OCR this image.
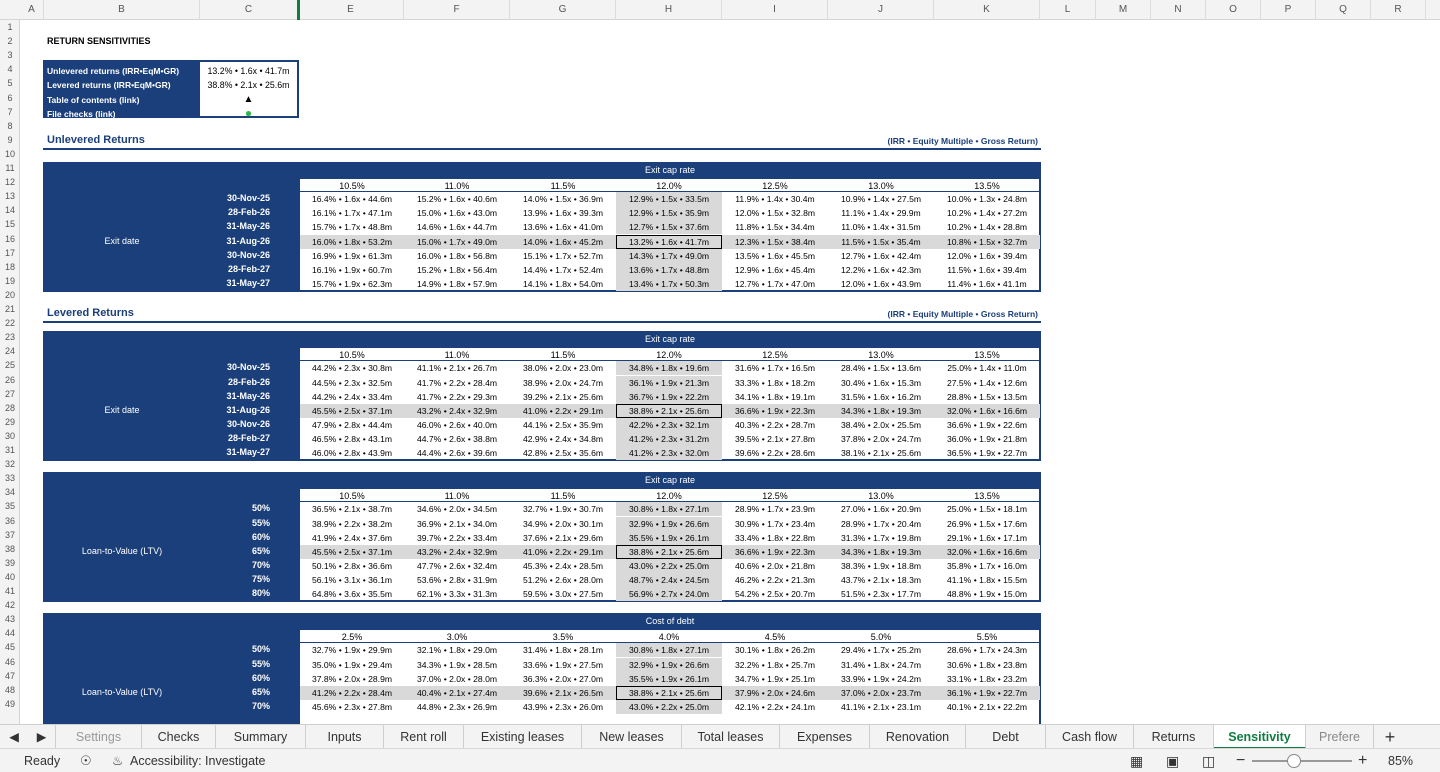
A	B	C	E	F	G	H	I	J	K	L	M	N	O	P	Q	R
1
2
3
4
5
6
7
8
9
10
11
12
13
14
15
16
17
18
19
20
21
22
23
24
25
26
27
28
29
30
31
32
33
34
35
36
37
38
39
40
41
42
43
44
45
46
47
48
49
RETURN SENSITIVITIES
Unlevered returns (IRR•EqM•GR)	13.2% • 1.6x • 41.7m
Levered returns (IRR•EqM•GR)	38.8% • 2.1x • 25.6m
Table of contents (link)	▲
File checks (link)	●
Unlevered Returns	(IRR • Equity Multiple • Gross Return)
Levered Returns	(IRR • Equity Multiple • Gross Return)
Exit cap rate
10.5%	11.0%	11.5%	12.0%	12.5%	13.0%	13.5%
Exit date
30-Nov-25	16.4% • 1.6x • 44.6m	15.2% • 1.6x • 40.6m	14.0% • 1.5x • 36.9m	12.9% • 1.5x • 33.5m	11.9% • 1.4x • 30.4m	10.9% • 1.4x • 27.5m	10.0% • 1.3x • 24.8m
28-Feb-26	16.1% • 1.7x • 47.1m	15.0% • 1.6x • 43.0m	13.9% • 1.6x • 39.3m	12.9% • 1.5x • 35.9m	12.0% • 1.5x • 32.8m	11.1% • 1.4x • 29.9m	10.2% • 1.4x • 27.2m
31-May-26	15.7% • 1.7x • 48.8m	14.6% • 1.6x • 44.7m	13.6% • 1.6x • 41.0m	12.7% • 1.5x • 37.6m	11.8% • 1.5x • 34.4m	11.0% • 1.4x • 31.5m	10.2% • 1.4x • 28.8m
31-Aug-26	16.0% • 1.8x • 53.2m	15.0% • 1.7x • 49.0m	14.0% • 1.6x • 45.2m	13.2% • 1.6x • 41.7m	12.3% • 1.5x • 38.4m	11.5% • 1.5x • 35.4m	10.8% • 1.5x • 32.7m
30-Nov-26	16.9% • 1.9x • 61.3m	16.0% • 1.8x • 56.8m	15.1% • 1.7x • 52.7m	14.3% • 1.7x • 49.0m	13.5% • 1.6x • 45.5m	12.7% • 1.6x • 42.4m	12.0% • 1.6x • 39.4m
28-Feb-27	16.1% • 1.9x • 60.7m	15.2% • 1.8x • 56.4m	14.4% • 1.7x • 52.4m	13.6% • 1.7x • 48.8m	12.9% • 1.6x • 45.4m	12.2% • 1.6x • 42.3m	11.5% • 1.6x • 39.4m
31-May-27	15.7% • 1.9x • 62.3m	14.9% • 1.8x • 57.9m	14.1% • 1.8x • 54.0m	13.4% • 1.7x • 50.3m	12.7% • 1.7x • 47.0m	12.0% • 1.6x • 43.9m	11.4% • 1.6x • 41.1m
Exit cap rate
10.5%	11.0%	11.5%	12.0%	12.5%	13.0%	13.5%
Exit date
30-Nov-25	44.2% • 2.3x • 30.8m	41.1% • 2.1x • 26.7m	38.0% • 2.0x • 23.0m	34.8% • 1.8x • 19.6m	31.6% • 1.7x • 16.5m	28.4% • 1.5x • 13.6m	25.0% • 1.4x • 11.0m
28-Feb-26	44.5% • 2.3x • 32.5m	41.7% • 2.2x • 28.4m	38.9% • 2.0x • 24.7m	36.1% • 1.9x • 21.3m	33.3% • 1.8x • 18.2m	30.4% • 1.6x • 15.3m	27.5% • 1.4x • 12.6m
31-May-26	44.2% • 2.4x • 33.4m	41.7% • 2.2x • 29.3m	39.2% • 2.1x • 25.6m	36.7% • 1.9x • 22.2m	34.1% • 1.8x • 19.1m	31.5% • 1.6x • 16.2m	28.8% • 1.5x • 13.5m
31-Aug-26	45.5% • 2.5x • 37.1m	43.2% • 2.4x • 32.9m	41.0% • 2.2x • 29.1m	38.8% • 2.1x • 25.6m	36.6% • 1.9x • 22.3m	34.3% • 1.8x • 19.3m	32.0% • 1.6x • 16.6m
30-Nov-26	47.9% • 2.8x • 44.4m	46.0% • 2.6x • 40.0m	44.1% • 2.5x • 35.9m	42.2% • 2.3x • 32.1m	40.3% • 2.2x • 28.7m	38.4% • 2.0x • 25.5m	36.6% • 1.9x • 22.6m
28-Feb-27	46.5% • 2.8x • 43.1m	44.7% • 2.6x • 38.8m	42.9% • 2.4x • 34.8m	41.2% • 2.3x • 31.2m	39.5% • 2.1x • 27.8m	37.8% • 2.0x • 24.7m	36.0% • 1.9x • 21.8m
31-May-27	46.0% • 2.8x • 43.9m	44.4% • 2.6x • 39.6m	42.8% • 2.5x • 35.6m	41.2% • 2.3x • 32.0m	39.6% • 2.2x • 28.6m	38.1% • 2.1x • 25.6m	36.5% • 1.9x • 22.7m
Exit cap rate
10.5%	11.0%	11.5%	12.0%	12.5%	13.0%	13.5%
Loan-to-Value (LTV)
50%	36.5% • 2.1x • 38.7m	34.6% • 2.0x • 34.5m	32.7% • 1.9x • 30.7m	30.8% • 1.8x • 27.1m	28.9% • 1.7x • 23.9m	27.0% • 1.6x • 20.9m	25.0% • 1.5x • 18.1m
55%	38.9% • 2.2x • 38.2m	36.9% • 2.1x • 34.0m	34.9% • 2.0x • 30.1m	32.9% • 1.9x • 26.6m	30.9% • 1.7x • 23.4m	28.9% • 1.7x • 20.4m	26.9% • 1.5x • 17.6m
60%	41.9% • 2.4x • 37.6m	39.7% • 2.2x • 33.4m	37.6% • 2.1x • 29.6m	35.5% • 1.9x • 26.1m	33.4% • 1.8x • 22.8m	31.3% • 1.7x • 19.8m	29.1% • 1.6x • 17.1m
65%	45.5% • 2.5x • 37.1m	43.2% • 2.4x • 32.9m	41.0% • 2.2x • 29.1m	38.8% • 2.1x • 25.6m	36.6% • 1.9x • 22.3m	34.3% • 1.8x • 19.3m	32.0% • 1.6x • 16.6m
70%	50.1% • 2.8x • 36.6m	47.7% • 2.6x • 32.4m	45.3% • 2.4x • 28.5m	43.0% • 2.2x • 25.0m	40.6% • 2.0x • 21.8m	38.3% • 1.9x • 18.8m	35.8% • 1.7x • 16.0m
75%	56.1% • 3.1x • 36.1m	53.6% • 2.8x • 31.9m	51.2% • 2.6x • 28.0m	48.7% • 2.4x • 24.5m	46.2% • 2.2x • 21.3m	43.7% • 2.1x • 18.3m	41.1% • 1.8x • 15.5m
80%	64.8% • 3.6x • 35.5m	62.1% • 3.3x • 31.3m	59.5% • 3.0x • 27.5m	56.9% • 2.7x • 24.0m	54.2% • 2.5x • 20.7m	51.5% • 2.3x • 17.7m	48.8% • 1.9x • 15.0m
Cost of debt
2.5%	3.0%	3.5%	4.0%	4.5%	5.0%	5.5%
Loan-to-Value (LTV)
50%	32.7% • 1.9x • 29.9m	32.1% • 1.8x • 29.0m	31.4% • 1.8x • 28.1m	30.8% • 1.8x • 27.1m	30.1% • 1.8x • 26.2m	29.4% • 1.7x • 25.2m	28.6% • 1.7x • 24.3m
55%	35.0% • 1.9x • 29.4m	34.3% • 1.9x • 28.5m	33.6% • 1.9x • 27.5m	32.9% • 1.9x • 26.6m	32.2% • 1.8x • 25.7m	31.4% • 1.8x • 24.7m	30.6% • 1.8x • 23.8m
60%	37.8% • 2.0x • 28.9m	37.0% • 2.0x • 28.0m	36.3% • 2.0x • 27.0m	35.5% • 1.9x • 26.1m	34.7% • 1.9x • 25.1m	33.9% • 1.9x • 24.2m	33.1% • 1.8x • 23.2m
65%	41.2% • 2.2x • 28.4m	40.4% • 2.1x • 27.4m	39.6% • 2.1x • 26.5m	38.8% • 2.1x • 25.6m	37.9% • 2.0x • 24.6m	37.0% • 2.0x • 23.7m	36.1% • 1.9x • 22.7m
70%	45.6% • 2.3x • 27.8m	44.8% • 2.3x • 26.9m	43.9% • 2.3x • 26.0m	43.0% • 2.2x • 25.0m	42.1% • 2.2x • 24.1m	41.1% • 2.1x • 23.1m	40.1% • 2.1x • 22.2m
◀	▶	Settings	Checks	Summary	Inputs	Rent roll	Existing leases	New leases	Total leases	Expenses	Renovation	Debt	Cash flow	Returns	Sensitivity	Prefere	+
Ready ☉ ♨ Accessibility: Investigate	▦ ▣ ◫ −	+ 85%
